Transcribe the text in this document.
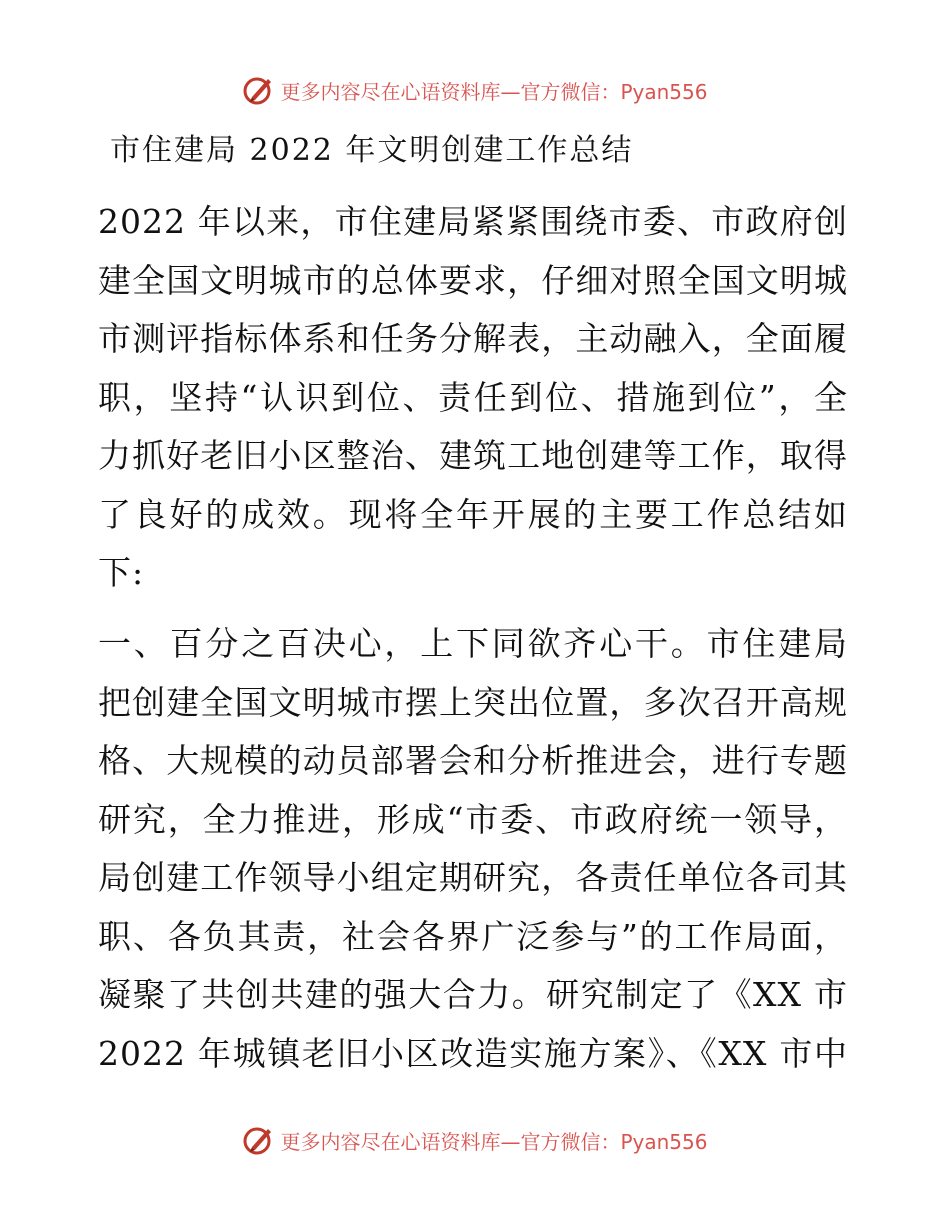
更多内容尽在心语资料库—官方微信：Pyan556
市住建局 2022 年文明创建工作总结
2022 年以来，市住建局紧紧围绕市委、市政府创
建全国文明城市的总体要求，仔细对照全国文明城
市测评指标体系和任务分解表，主动融入，全面履
职，坚持“认识到位、责任到位、措施到位”，全
力抓好老旧小区整治、建筑工地创建等工作，取得
了良好的成效。现将全年开展的主要工作总结如
下:
一、百分之百决心，上下同欲齐心干。市住建局
把创建全国文明城市摆上突出位置，多次召开高规
格、大规模的动员部署会和分析推进会，进行专题
研究，全力推进，形成“市委、市政府统一领导，
局创建工作领导小组定期研究，各责任单位各司其
职、各负其责，社会各界广泛参与”的工作局面，
凝聚了共创共建的强大合力。研究制定了《XX 市
2022 年城镇老旧小区改造实施方案》、《XX 市中
更多内容尽在心语资料库—官方微信：Pyan556
